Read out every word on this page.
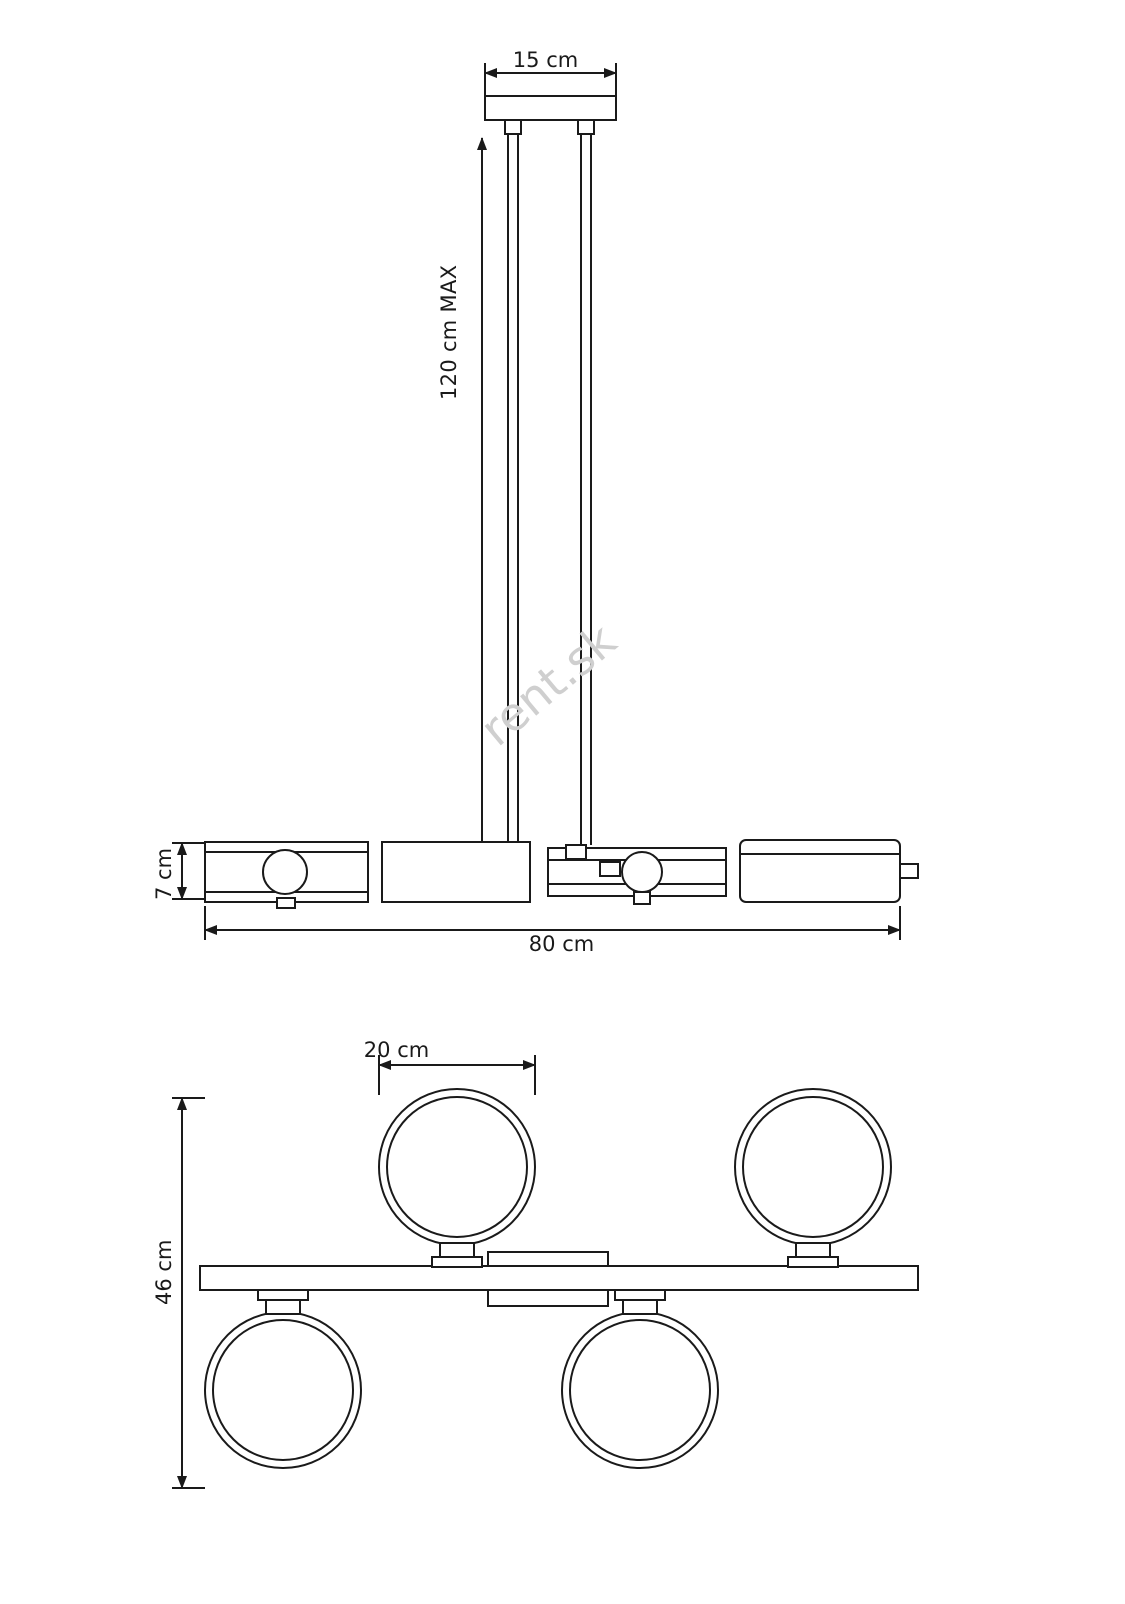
15 cm
120 cm MAX
7 cm
80 cm
20 cm
46 cm
rent.sk
